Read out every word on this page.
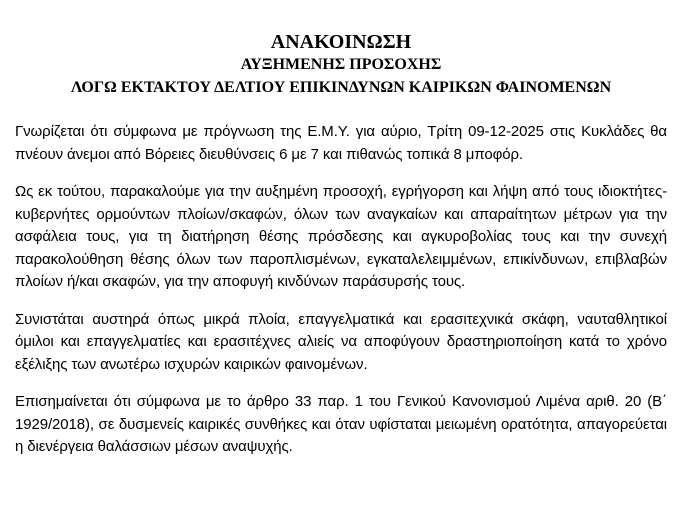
ΑΝΑΚΟΙΝΩΣΗ

ΑΥΞΗΜΕΝΗΣ ΠΡΟΣΟΧΗΣ

ΛΟΓΩ ΕΚΤΑΚΤΟΥ ΔΕΛΤΙΟΥ ΕΠΙΚΙΝΔΥΝΩΝ ΚΑΙΡΙΚΩΝ ΦΑΙΝΟΜΕΝΩΝ

Γνωρίζεται ότι σύμφωνα με πρόγνωση της Ε.Μ.Υ. για αύριο, Τρίτη 09-12-2025 στις Κυκλάδες θα πνέουν άνεμοι από Βόρειες διευθύνσεις 6 με 7 και πιθανώς τοπικά 8 μποφόρ.

Ως εκ τούτου, παρακαλούμε για την αυξημένη προσοχή, εγρήγορση και λήψη από τους ιδιοκτήτες-κυβερνήτες ορμούντων πλοίων/σκαφών, όλων των αναγκαίων και απαραίτητων μέτρων για την ασφάλεια τους, για τη διατήρηση θέσης πρόσδεσης και αγκυροβολίας τους και την συνεχή παρακολούθηση θέσης όλων των παροπλισμένων, εγκαταλελειμμένων, επικίνδυνων, επιβλαβών πλοίων ή/και σκαφών, για την αποφυγή κινδύνων παράσυρσής τους.

Συνιστάται αυστηρά όπως μικρά πλοία, επαγγελματικά και ερασιτεχνικά σκάφη, ναυταθλητικοί όμιλοι και επαγγελματίες και ερασιτέχνες αλιείς να αποφύγουν δραστηριοποίηση κατά το χρόνο εξέλιξης των ανωτέρω ισχυρών καιρικών φαινομένων.

Επισημαίνεται ότι σύμφωνα με το άρθρο 33 παρ. 1 του Γενικού Κανονισμού Λιμένα αριθ. 20 (Β΄ 1929/2018), σε δυσμενείς καιρικές συνθήκες και όταν υφίσταται μειωμένη ορατότητα, απαγορεύεται η διενέργεια θαλάσσιων μέσων αναψυχής.
